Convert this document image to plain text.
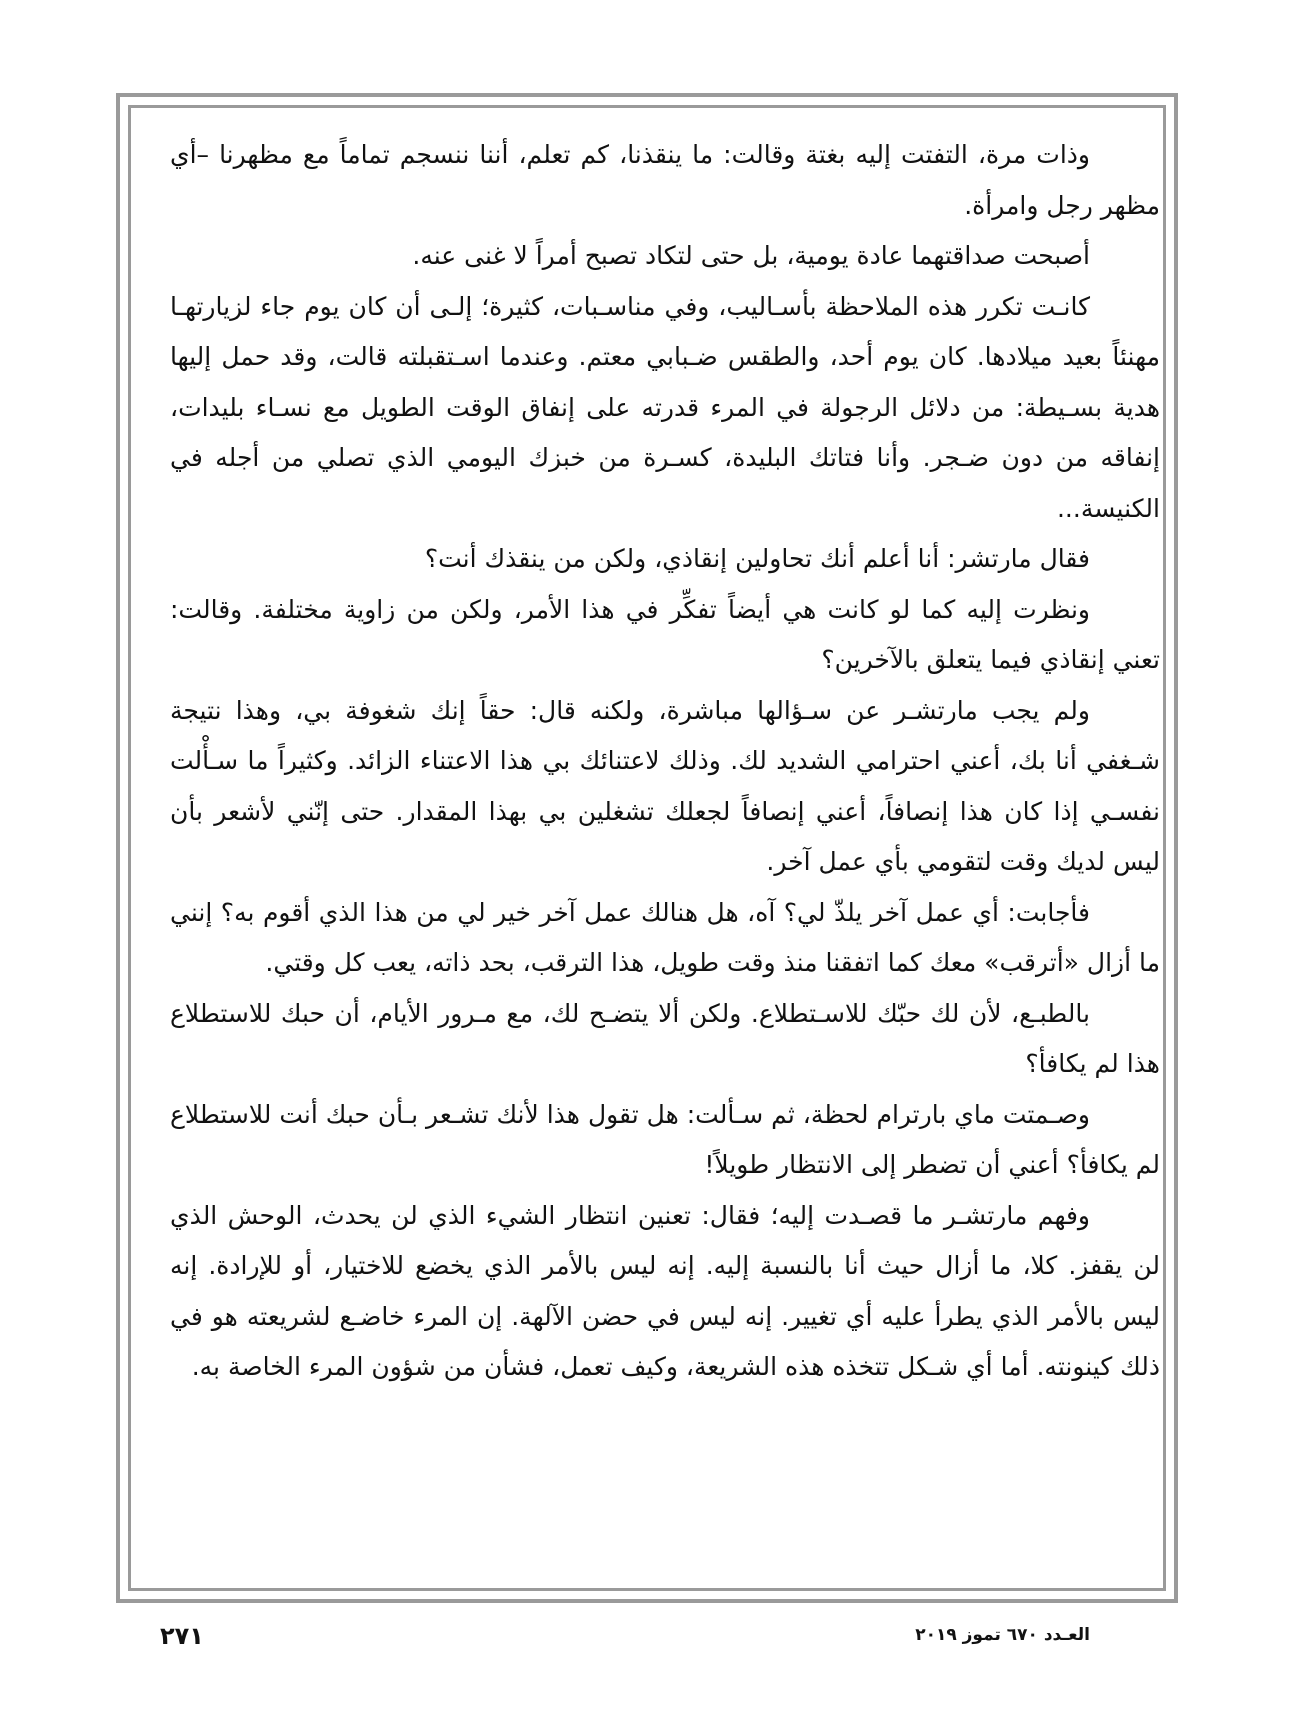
وذات مرة، التفتت إليه بغتة وقالت: ما ينقذنا، كم تعلم، أننا ننسجم تماماً مع مظهرنا –أي مظهر رجل وامرأة.

أصبحت صداقتهما عادة يومية، بل حتى لتكاد تصبح أمراً لا غنى عنه.

كانـت تكرر هذه الملاحظة بأسـاليب، وفي مناسـبات، كثيرة؛ إلـى أن كان يوم جاء لزيارتهـا مهنئاً بعيد ميلادها. كان يوم أحد، والطقس ضـبابي معتم. وعندما اسـتقبلته قالت، وقد حمل إليها هدية بسـيطة: من دلائل الرجولة في المرء قدرته على إنفاق الوقت الطويل مع نسـاء بليدات، إنفاقه من دون ضـجر. وأنا فتاتك البليدة، كسـرة من خبزك اليومي الذي تصلي من أجله في الكنيسة...

فقال مارتشر: أنا أعلم أنك تحاولين إنقاذي، ولكن من ينقذك أنت؟

ونظرت إليه كما لو كانت هي أيضاً تفكِّر في هذا الأمر، ولكن من زاوية مختلفة. وقالت: تعني إنقاذي فيما يتعلق بالآخرين؟

ولم يجب مارتشـر عن سـؤالها مباشرة، ولكنه قال: حقاً إنك شغوفة بي، وهذا نتيجة شـغفي أنا بك، أعني احترامي الشديد لك. وذلك لاعتنائك بي هذا الاعتناء الزائد. وكثيراً ما سـأْلت نفسـي إذا كان هذا إنصافاً، أعني إنصافاً لجعلك تشغلين بي بهذا المقدار. حتى إنّني لأشعر بأن ليس لديك وقت لتقومي بأي عمل آخر.

فأجابت: أي عمل آخر يلذّ لي؟ آه، هل هنالك عمل آخر خير لي من هذا الذي أقوم به؟ إنني ما أزال «أترقب» معك كما اتفقنا منذ وقت طويل، هذا الترقب، بحد ذاته، يعب كل وقتي.

بالطبـع، لأن لك حبّك للاسـتطلاع. ولكن ألا يتضـح لك، مع مـرور الأيام، أن حبك للاستطلاع هذا لم يكافأ؟

وصـمتت ماي بارترام لحظة، ثم سـألت: هل تقول هذا لأنك تشـعر بـأن حبك أنت للاستطلاع لم يكافأ؟ أعني أن تضطر إلى الانتظار طويلاً!

وفهم مارتشـر ما قصـدت إليه؛ فقال: تعنين انتظار الشيء الذي لن يحدث، الوحش الذي لن يقفز. كلا، ما أزال حيث أنا بالنسبة إليه. إنه ليس بالأمر الذي يخضع للاختيار، أو للإرادة. إنه ليس بالأمر الذي يطرأ عليه أي تغيير. إنه ليس في حضن الآلهة. إن المرء خاضـع لشريعته هو في ذلك كينونته. أما أي شـكل تتخذه هذه الشريعة، وكيف تعمل، فشأن من شؤون المرء الخاصة به.

٢٧١	العـدد ٦٧٠ تموز ٢٠١٩
